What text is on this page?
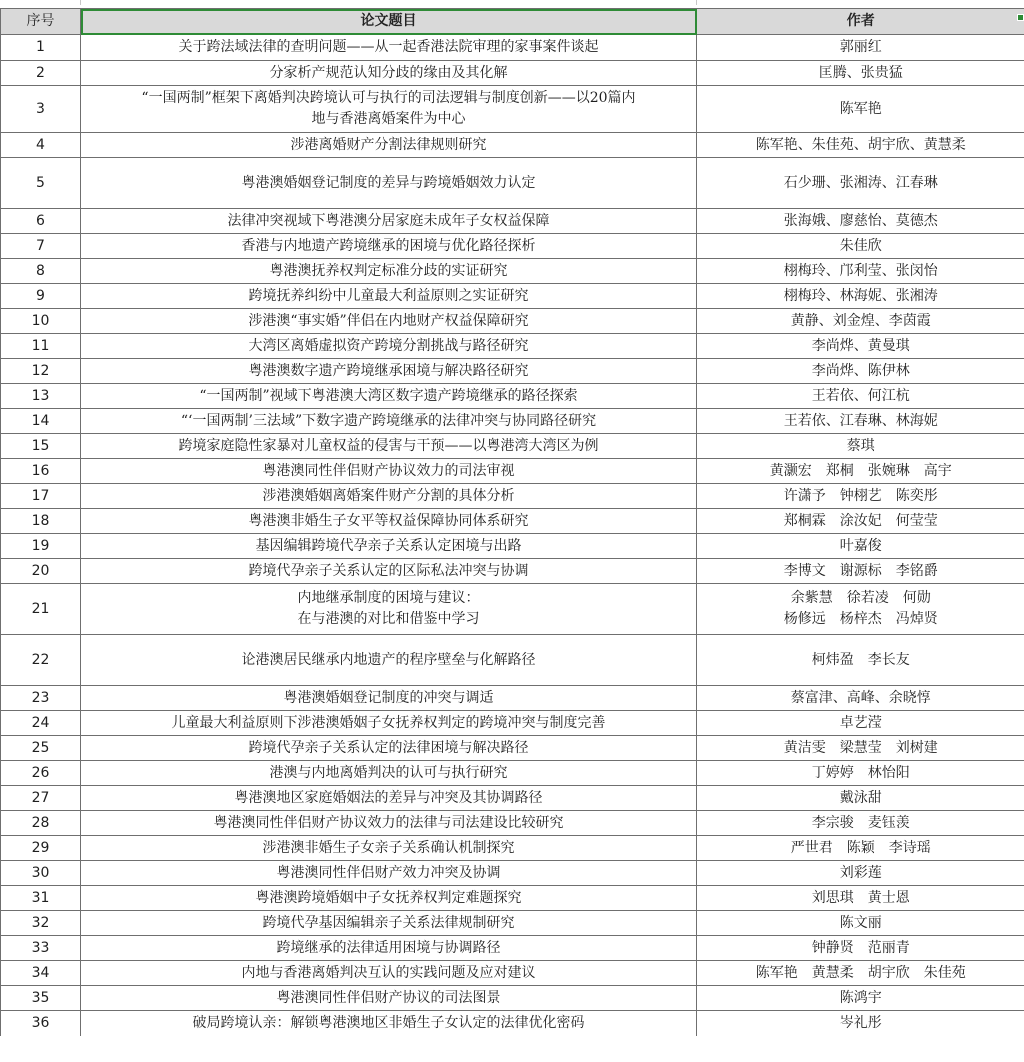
序号	论文题目	作者
1	关于跨法域法律的查明问题——从一起香港法院审理的家事案件谈起	郭丽红
2	分家析产规范认知分歧的缘由及其化解	匡腾、张贵猛
3	“一国两制”框架下离婚判决跨境认可与执行的司法逻辑与制度创新——以20篇内
地与香港离婚案件为中心	陈军艳
4	涉港离婚财产分割法律规则研究	陈军艳、朱佳苑、胡宇欣、黄慧柔
5	粤港澳婚姻登记制度的差异与跨境婚姻效力认定	石少珊、张湘涛、江春琳
6	法律冲突视域下粤港澳分居家庭未成年子女权益保障	张海娥、廖慈怡、莫德杰
7	香港与内地遗产跨境继承的困境与优化路径探析	朱佳欣
8	粤港澳抚养权判定标准分歧的实证研究	栩梅玲、邝利莹、张闵怡
9	跨境抚养纠纷中儿童最大利益原则之实证研究	栩梅玲、林海妮、张湘涛
10	涉港澳“事实婚”伴侣在内地财产权益保障研究	黄静、刘金煌、李茵霞
11	大湾区离婚虚拟资产跨境分割挑战与路径研究	李尚烨、黄曼琪
12	粤港澳数字遗产跨境继承困境与解决路径研究	李尚烨、陈伊林
13	“一国两制”视域下粤港澳大湾区数字遗产跨境继承的路径探索	王若依、何江杭
14	“‘一国两制’三法域”下数字遗产跨境继承的法律冲突与协同路径研究	王若依、江春琳、林海妮
15	跨境家庭隐性家暴对儿童权益的侵害与干预——以粤港湾大湾区为例	蔡琪
16	粤港澳同性伴侣财产协议效力的司法审视	黄灏宏　郑桐　张婉琳　高宇
17	涉港澳婚姻离婚案件财产分割的具体分析	许潇予　钟栩艺　陈奕彤
18	粤港澳非婚生子女平等权益保障协同体系研究	郑桐霖　涂汝妃　何莹莹
19	基因编辑跨境代孕亲子关系认定困境与出路	叶嘉俊
20	跨境代孕亲子关系认定的区际私法冲突与协调	李博文　谢源标　李铭爵
21	内地继承制度的困境与建议：
在与港澳的对比和借鉴中学习	余紫慧　徐若凌　何勋
杨修远　杨梓杰　冯焯贤

22	论港澳居民继承内地遗产的程序壁垒与化解路径	柯炜盈　李长友
23	粤港澳婚姻登记制度的冲突与调适	蔡富津、高峰、余晓惇
24	儿童最大利益原则下涉港澳婚姻子女抚养权判定的跨境冲突与制度完善	卓艺滢
25	跨境代孕亲子关系认定的法律困境与解决路径	黄洁雯　梁慧莹　刘树建
26	港澳与内地离婚判决的认可与执行研究	丁婷婷　林怡阳
27	粤港澳地区家庭婚姻法的差异与冲突及其协调路径	戴泳甜
28	粤港澳同性伴侣财产协议效力的法律与司法建设比较研究	李宗骏　麦钰羡
29	涉港澳非婚生子女亲子关系确认机制探究	严世君　陈颖　李诗瑶
30	粤港澳同性伴侣财产效力冲突及协调	刘彩莲
31	粤港澳跨境婚姻中子女抚养权判定难题探究	刘思琪　黄士恩
32	跨境代孕基因编辑亲子关系法律规制研究	陈文丽
33	跨境继承的法律适用困境与协调路径	钟静贤　范丽青
34	内地与香港离婚判决互认的实践问题及应对建议	陈军艳　黄慧柔　胡宇欣　朱佳苑
35	粤港澳同性伴侣财产协议的司法图景	陈鸿宇
36	破局跨境认亲：解锁粤港澳地区非婚生子女认定的法律优化密码	岑礼彤
